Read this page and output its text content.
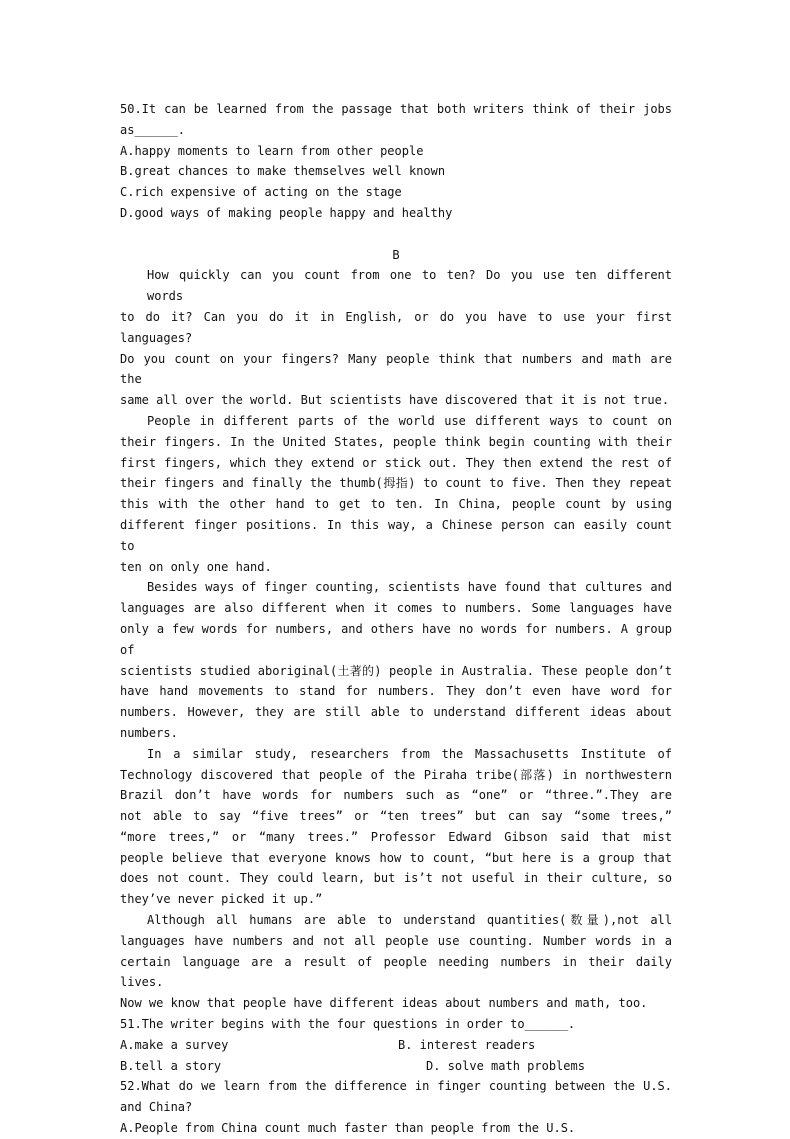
50.It can be learned from the passage that both writers think of their jobs
as______.
A.happy moments to learn from other people
B.great chances to make themselves well known
C.rich expensive of acting on the stage
D.good ways of making people happy and healthy

B
How quickly can you count from one to ten? Do you use ten different words
to do it? Can you do it in English, or do you have to use your first languages?
Do you count on your fingers? Many people think that numbers and math are the
same all over the world. But scientists have discovered that it is not true.
People in different parts of the world use different ways to count on
their fingers. In the United States, people think begin counting with their
first fingers, which they extend or stick out. They then extend the rest of
their fingers and finally the thumb(拇指) to count to five. Then they repeat
this with the other hand to get to ten. In China, people count by using
different finger positions. In this way, a Chinese person can easily count to
ten on only one hand.
Besides ways of finger counting, scientists have found that cultures and
languages are also different when it comes to numbers. Some languages have
only a few words for numbers, and others have no words for numbers. A group of
scientists studied aboriginal(土著的) people in Australia. These people don’t
have hand movements to stand for numbers. They don’t even have word for
numbers. However, they are still able to understand different ideas about
numbers.
In a similar study, researchers from the Massachusetts Institute of
Technology discovered that people of the Piraha tribe(部落) in northwestern
Brazil don’t have words for numbers such as “one” or “three.”.They are
not able to say “five trees” or “ten trees” but can say “some trees,”
“more trees,” or “many trees.” Professor Edward Gibson said that mist
people believe that everyone knows how to count, “but here is a group that
does not count. They could learn, but is’t not useful in their culture, so
they’ve never picked it up.”
Although all humans are able to understand quantities(数量),not all
languages have numbers and not all people use counting. Number words in a
certain language are a result of people needing numbers in their daily lives.
Now we know that people have different ideas about numbers and math, too.
51.The writer begins with the four questions in order to______.
A.make a survey	B. interest readers
B.tell a story	D. solve math problems
52.What do we learn from the difference in finger counting between the U.S.
and China?
A.People from China count much faster than people from the U.S.
